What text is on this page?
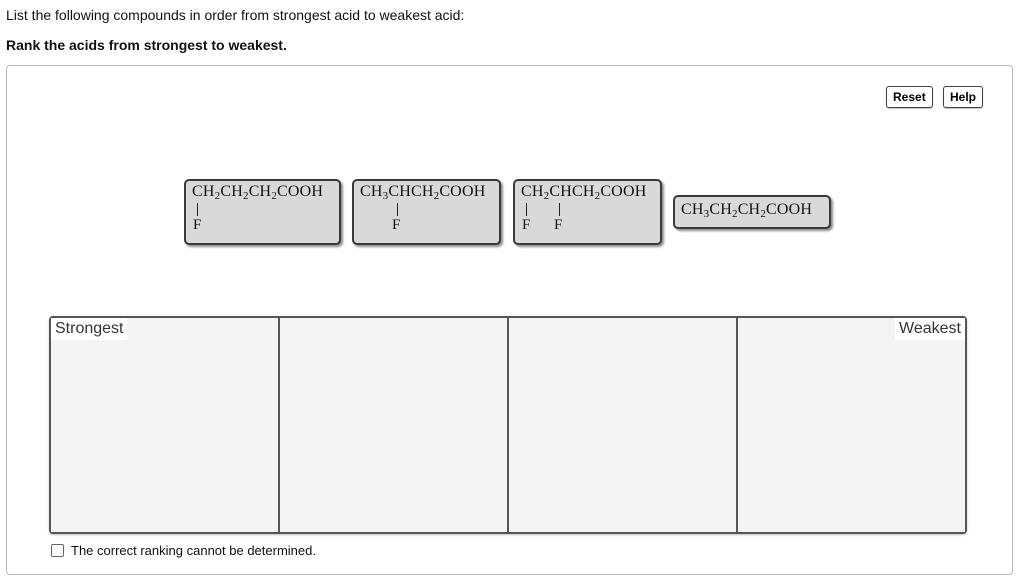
List the following compounds in order from strongest acid to weakest acid:
Rank the acids from strongest to weakest.
Reset	Help
$CH_2CH_2CH_2COOH$
F
$CH_3CHCH_2COOH$
F
$CH_2CHCH_2COOH$
F F
$CH_3CH_2CH_2COOH$
Strongest	Weakest
The correct ranking cannot be determined.
